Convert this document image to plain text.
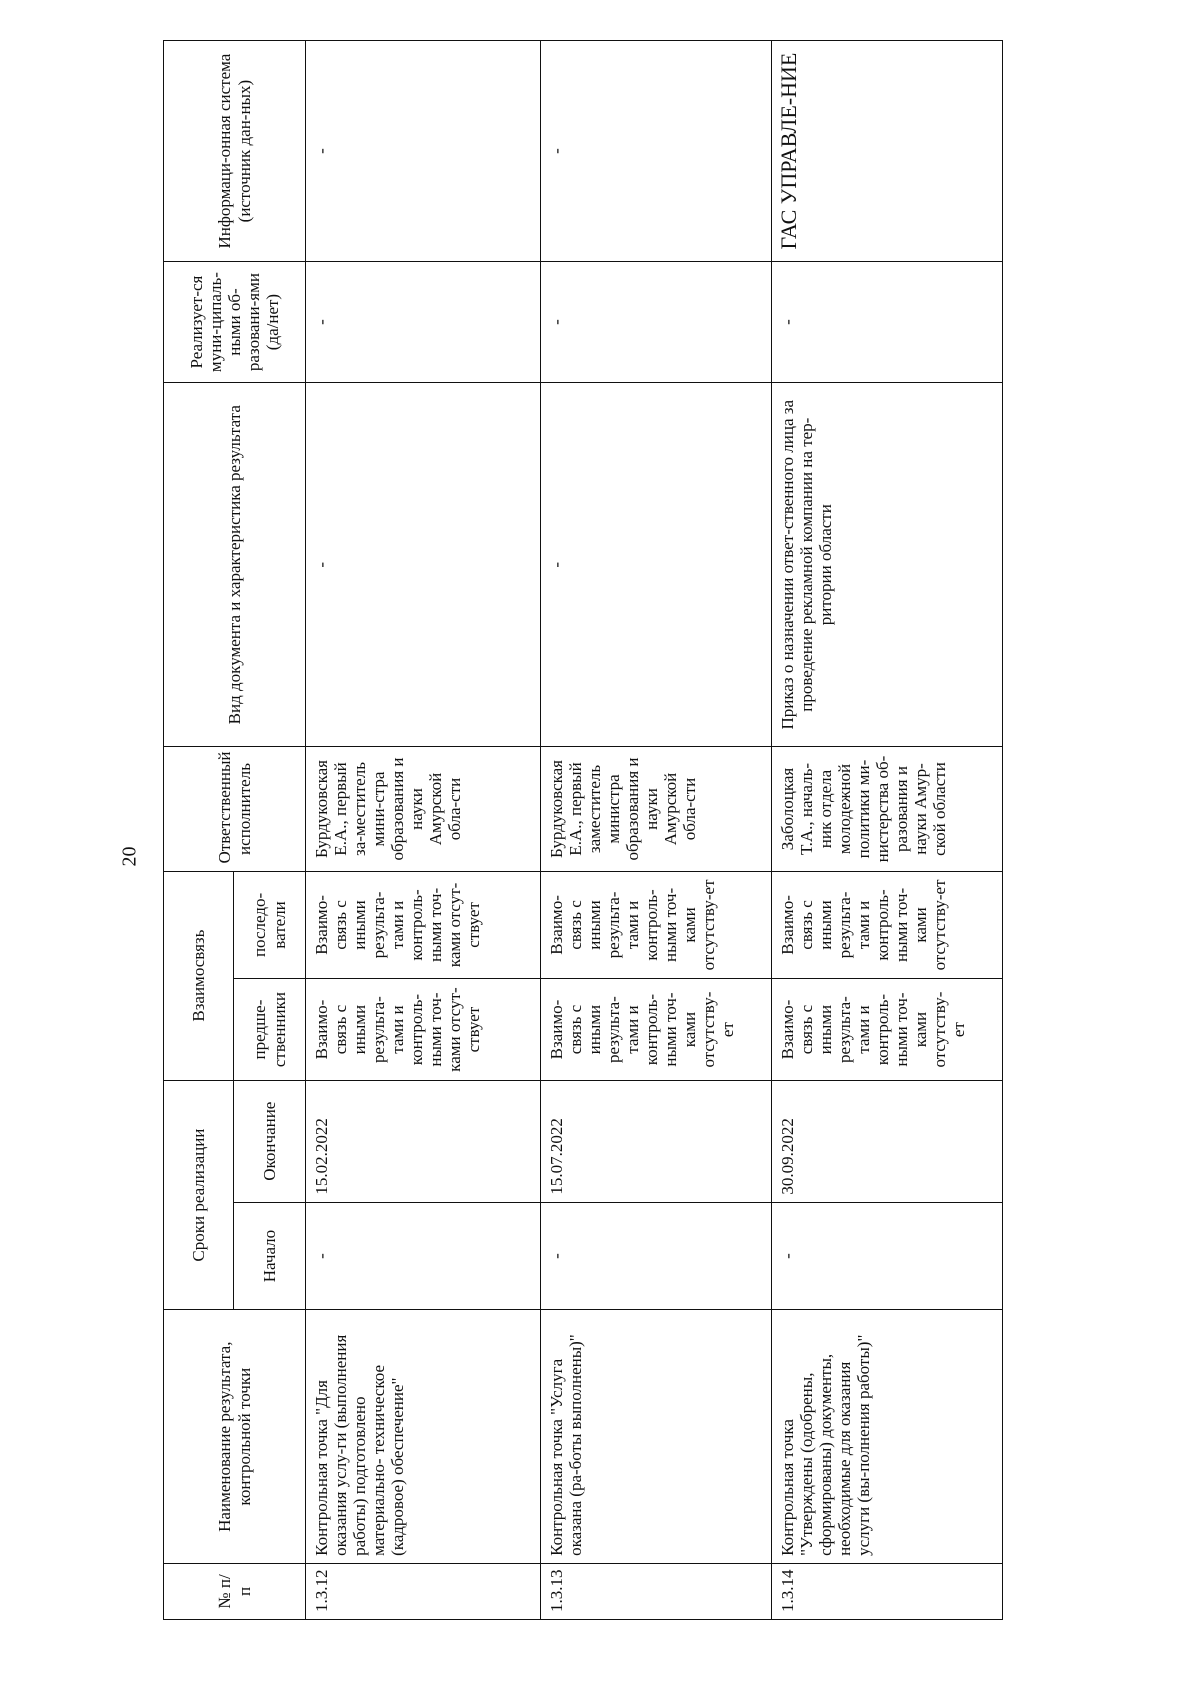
20
№ п/п	Наименование результата, контрольной точки	Сроки реализации		Взаимосвязь		Ответственный исполнитель	Вид документа и характеристика результата	Реализует-ся муни-ципаль-ными об-разовани-ями (да/нет)	Информаци-онная система (источник дан-ных)
		Начало	Окончание	предше-ственники	последо-ватели				
1.3.12	Контрольная точка "Для оказания услу-ги (выполнения работы) подготовлено материально- техническое (кадровое) обеспечение"	-	15.02.2022	Взаимо-связь с иными результа-тами и контроль-ными точ-ками отсут-ствует	Взаимо-связь с иными результа-тами и контроль-ными точ-ками отсут-ствует	Бурдуковская Е.А., первый за-меститель мини-стра образования и науки Амурской обла-сти	-	-	-
1.3.13	Контрольная точка "Услуга оказана (ра-боты выполнены)"	-	15.07.2022	Взаимо-связь с иными результа-тами и контроль-ными точ-ками отсутству-ет	Взаимо-связь с иными результа-тами и контроль-ными точ-ками отсутству-ет	Бурдуковская Е.А., первый заместитель министра образования и науки Амурской обла-сти	-	-	-
1.3.14	Контрольная точка "Утверждены (одобрены, сформированы) документы, необходимые для оказания услуги (вы-полнения работы)"	-	30.09.2022	Взаимо-связь с иными результа-тами и контроль-ными точ-ками отсутству-ет	Взаимо-связь с иными результа-тами и контроль-ными точ-ками отсутству-ет	Заболоцкая Т.А., началь-ник отдела молодежной политики ми-нистерства об-разования и науки Амур-ской области	Приказ о назначении ответ-ственного лица за проведение рекламной компании на тер-ритории области	-	ГАС УПРАВЛЕ-НИЕ
